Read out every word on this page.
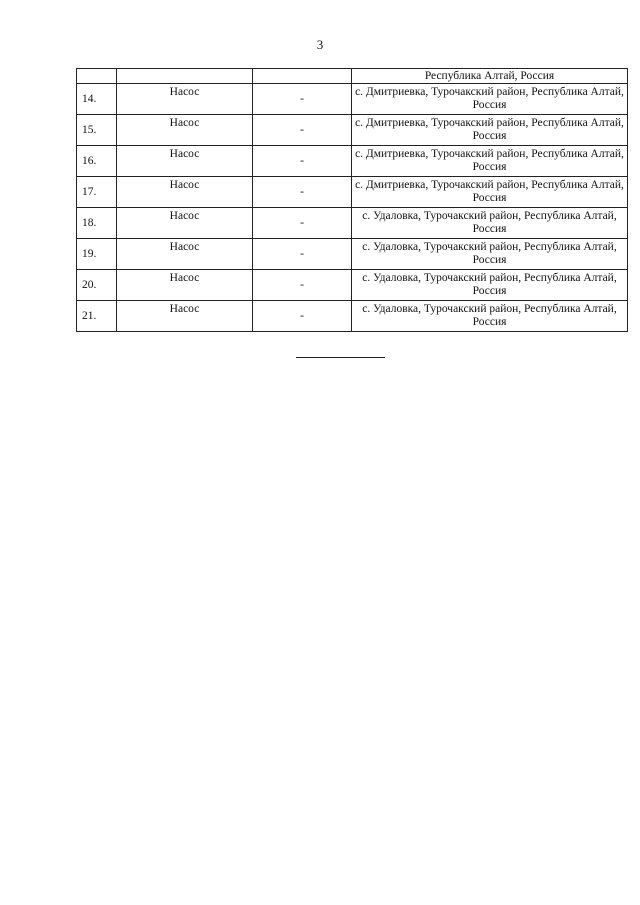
3
			Республика Алтай, Россия
14.	Насос	-	с. Дмитриевка, Турочакский район, Республика Алтай, Россия
15.	Насос	-	с. Дмитриевка, Турочакский район, Республика Алтай, Россия
16.	Насос	-	с. Дмитриевка, Турочакский район, Республика Алтай, Россия
17.	Насос	-	с. Дмитриевка, Турочакский район, Республика Алтай, Россия
18.	Насос	-	с. Удаловка, Турочакский район, Республика Алтай, Россия
19.	Насос	-	с. Удаловка, Турочакский район, Республика Алтай, Россия
20.	Насос	-	с. Удаловка, Турочакский район, Республика Алтай, Россия
21.	Насос	-	с. Удаловка, Турочакский район, Республика Алтай, Россия
